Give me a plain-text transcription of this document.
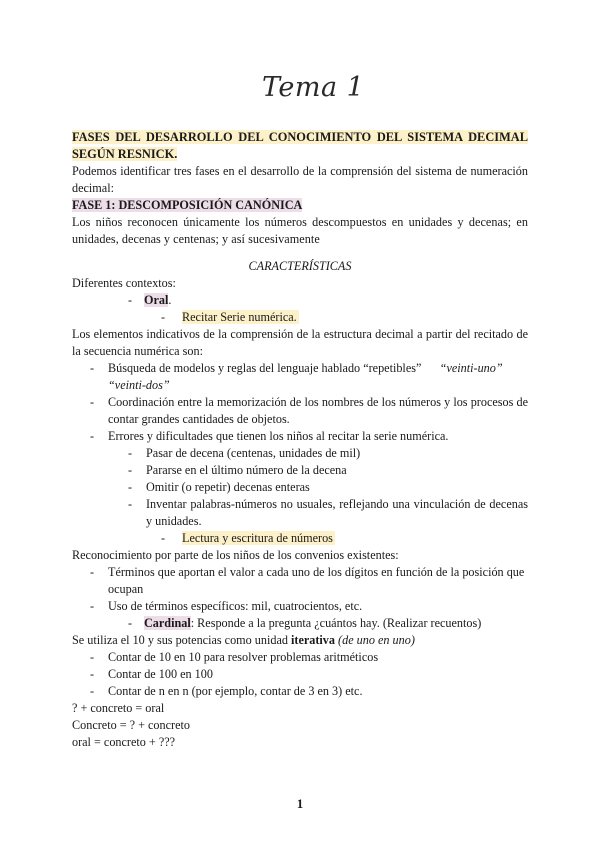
Tema 1

FASES DEL DESARROLLO DEL CONOCIMIENTO DEL SISTEMA DECIMAL SEGÚN RESNICK.

Podemos identificar tres fases en el desarrollo de la comprensión del sistema de numeración decimal:

FASE 1: DESCOMPOSICIÓN CANÓNICA

Los niños reconocen únicamente los números descompuestos en unidades y decenas; en unidades, decenas y centenas; y así sucesivamente

CARACTERÍSTICAS

Diferentes contextos:

- Oral.
- Recitar Serie numérica.

Los elementos indicativos de la comprensión de la estructura decimal a partir del recitado de la secuencia numérica son:

- Búsqueda de modelos y reglas del lenguaje hablado “repetibles” “veinti-uno”
“veinti-dos”
- Coordinación entre la memorización de los nombres de los números y los procesos de contar grandes cantidades de objetos.
- Errores y dificultades que tienen los niños al recitar la serie numérica.
- Pasar de decena (centenas, unidades de mil)
- Pararse en el último número de la decena
- Omitir (o repetir) decenas enteras
- Inventar palabras-números no usuales, reflejando una vinculación de decenas y unidades.
- Lectura y escritura de números

Reconocimiento por parte de los niños de los convenios existentes:

- Términos que aportan el valor a cada uno de los dígitos en función de la posición que ocupan
- Uso de términos específicos: mil, cuatrocientos, etc.
- Cardinal: Responde a la pregunta ¿cuántos hay. (Realizar recuentos)

Se utiliza el 10 y sus potencias como unidad iterativa (de uno en uno)

- Contar de 10 en 10 para resolver problemas aritméticos
- Contar de 100 en 100
- Contar de n en n (por ejemplo, contar de 3 en 3) etc.

? + concreto = oral

Concreto = ? + concreto

oral = concreto + ???

1
